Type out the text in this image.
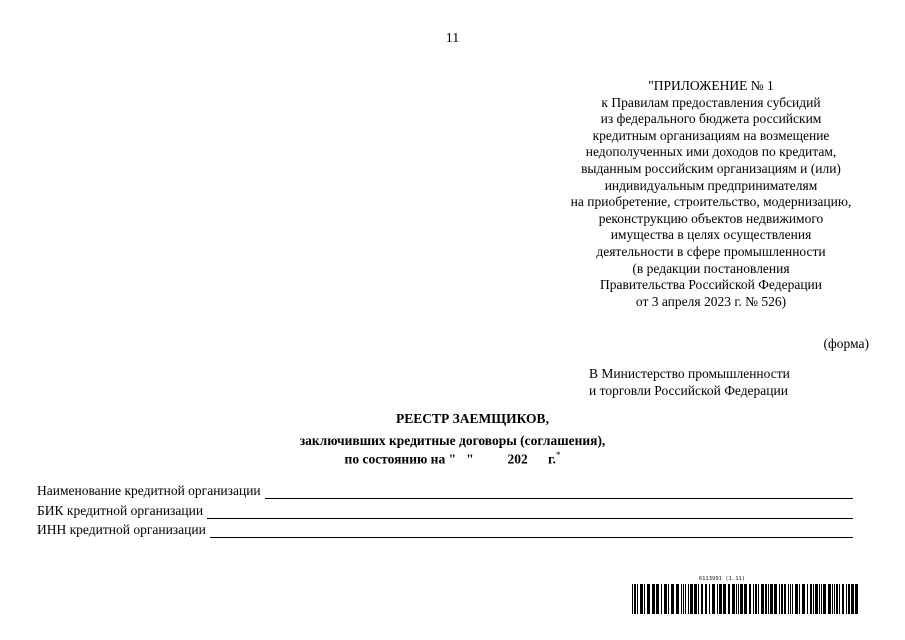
11
"ПРИЛОЖЕНИЕ № 1
к Правилам предоставления субсидий
из федерального бюджета российским
кредитным организациям на возмещение
недополученных ими доходов по кредитам,
выданным российским организациям и (или)
индивидуальным предпринимателям
на приобретение, строительство, модернизацию,
реконструкцию объектов недвижимого
имущества в целях осуществления
деятельности в сфере промышленности
(в редакции постановления
Правительства Российской Федерации
от 3 апреля 2023 г. № 526)
(форма)
В Министерство промышленности
и торговли Российской Федерации
РЕЕСТР ЗАЕМЩИКОВ,
заключивших кредитные договоры (соглашения),
по состоянию на "   "          202      г.*
Наименование кредитной организации
БИК кредитной организации
ИНН кредитной организации
6113991 (1.11)
